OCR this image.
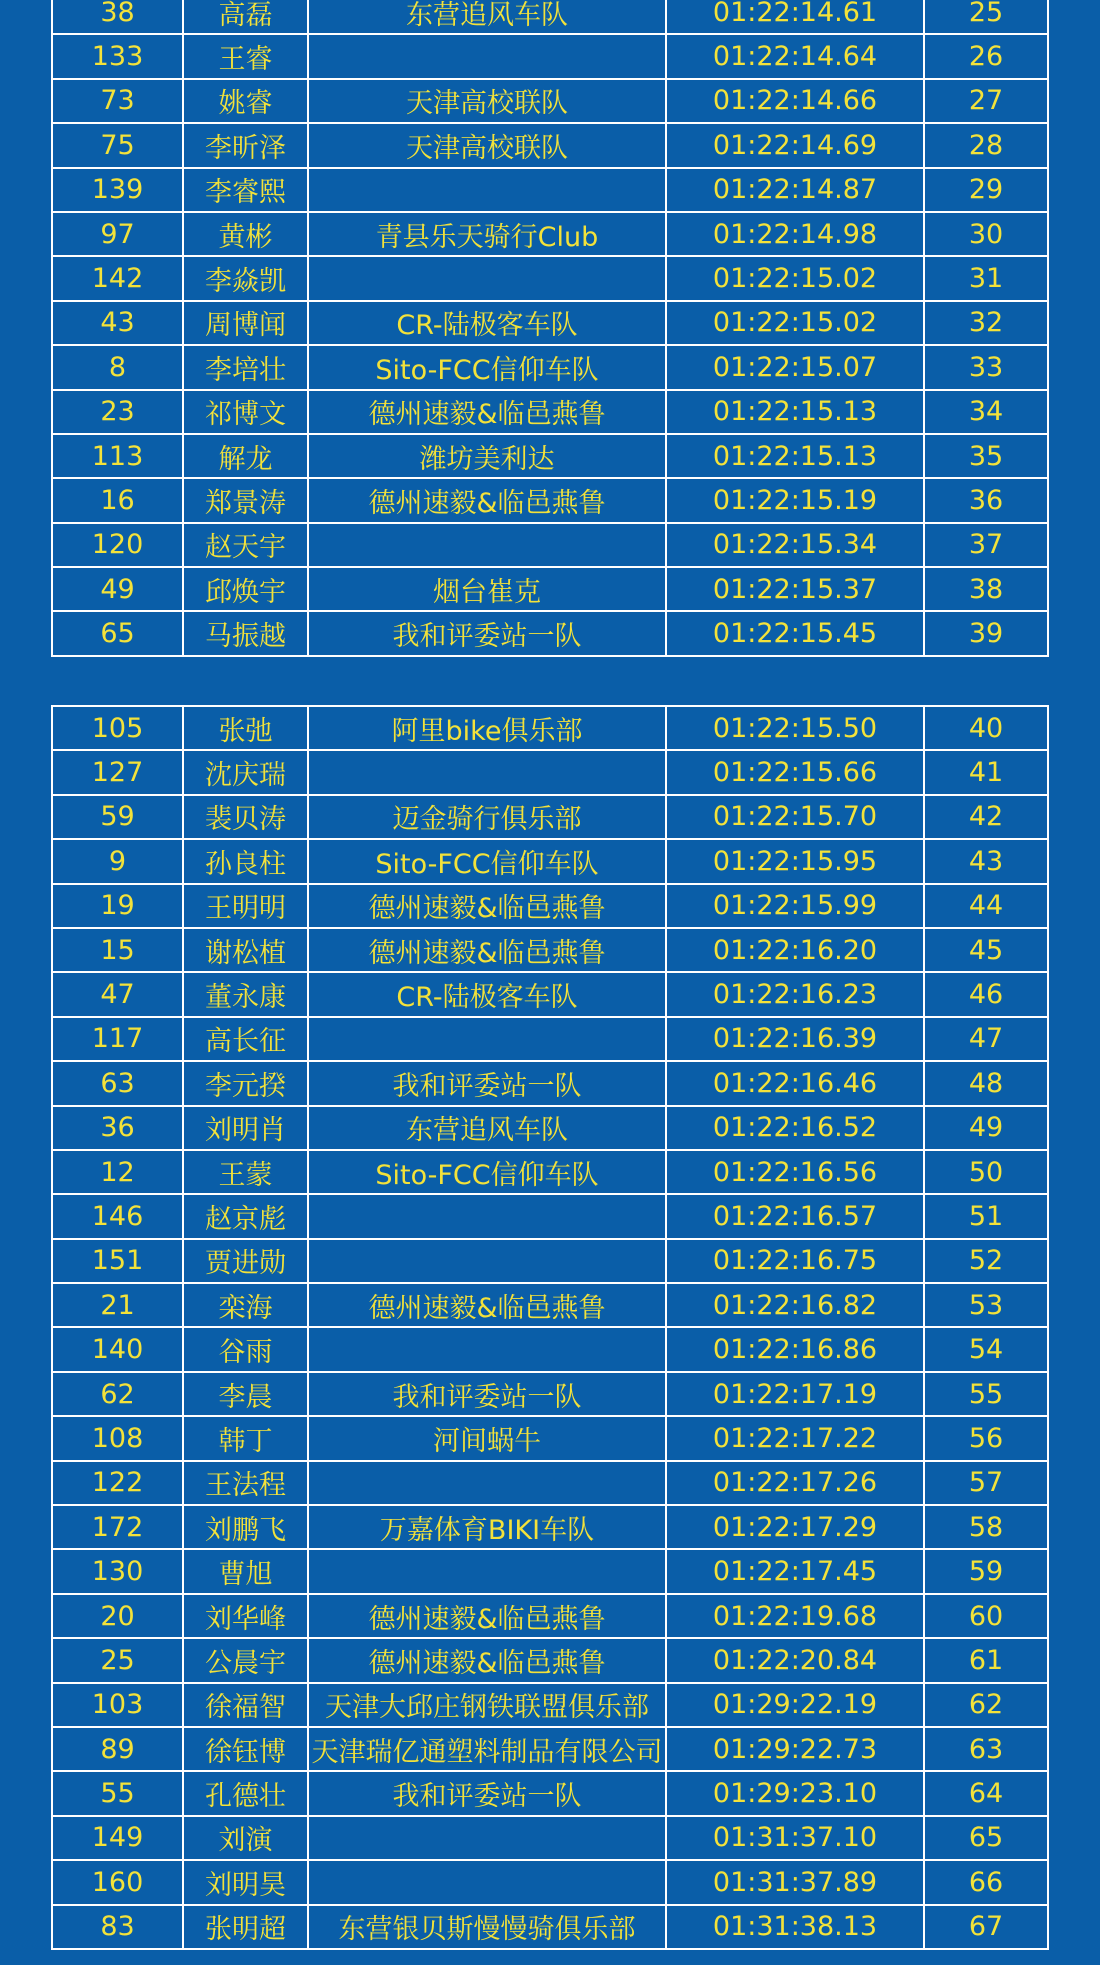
38	高磊	东营追风车队	01:22:14.61	25
133	王睿		01:22:14.64	26
73	姚睿	天津高校联队	01:22:14.66	27
75	李昕泽	天津高校联队	01:22:14.69	28
139	李睿熙		01:22:14.87	29
97	黄彬	青县乐天骑行Club	01:22:14.98	30
142	李焱凯		01:22:15.02	31
43	周博闻	CR-陆极客车队	01:22:15.02	32
8	李培壮	Sito-FCC信仰车队	01:22:15.07	33
23	祁博文	德州速毅&临邑燕鲁	01:22:15.13	34
113	解龙	潍坊美利达	01:22:15.13	35
16	郑景涛	德州速毅&临邑燕鲁	01:22:15.19	36
120	赵天宇		01:22:15.34	37
49	邱焕宇	烟台崔克	01:22:15.37	38
65	马振越	我和评委站一队	01:22:15.45	39
105	张弛	阿里bike俱乐部	01:22:15.50	40
127	沈庆瑞		01:22:15.66	41
59	裴贝涛	迈金骑行俱乐部	01:22:15.70	42
9	孙良柱	Sito-FCC信仰车队	01:22:15.95	43
19	王明明	德州速毅&临邑燕鲁	01:22:15.99	44
15	谢松植	德州速毅&临邑燕鲁	01:22:16.20	45
47	董永康	CR-陆极客车队	01:22:16.23	46
117	高长征		01:22:16.39	47
63	李元揆	我和评委站一队	01:22:16.46	48
36	刘明肖	东营追风车队	01:22:16.52	49
12	王蒙	Sito-FCC信仰车队	01:22:16.56	50
146	赵京彪		01:22:16.57	51
151	贾进勋		01:22:16.75	52
21	栾海	德州速毅&临邑燕鲁	01:22:16.82	53
140	谷雨		01:22:16.86	54
62	李晨	我和评委站一队	01:22:17.19	55
108	韩丁	河间蜗牛	01:22:17.22	56
122	王法程		01:22:17.26	57
172	刘鹏飞	万嘉体育BIKI车队	01:22:17.29	58
130	曹旭		01:22:17.45	59
20	刘华峰	德州速毅&临邑燕鲁	01:22:19.68	60
25	公晨宇	德州速毅&临邑燕鲁	01:22:20.84	61
103	徐福智	天津大邱庄钢铁联盟俱乐部	01:29:22.19	62
89	徐钰博	天津瑞亿通塑料制品有限公司	01:29:22.73	63
55	孔德壮	我和评委站一队	01:29:23.10	64
149	刘演		01:31:37.10	65
160	刘明昊		01:31:37.89	66
83	张明超	东营银贝斯慢慢骑俱乐部	01:31:38.13	67
